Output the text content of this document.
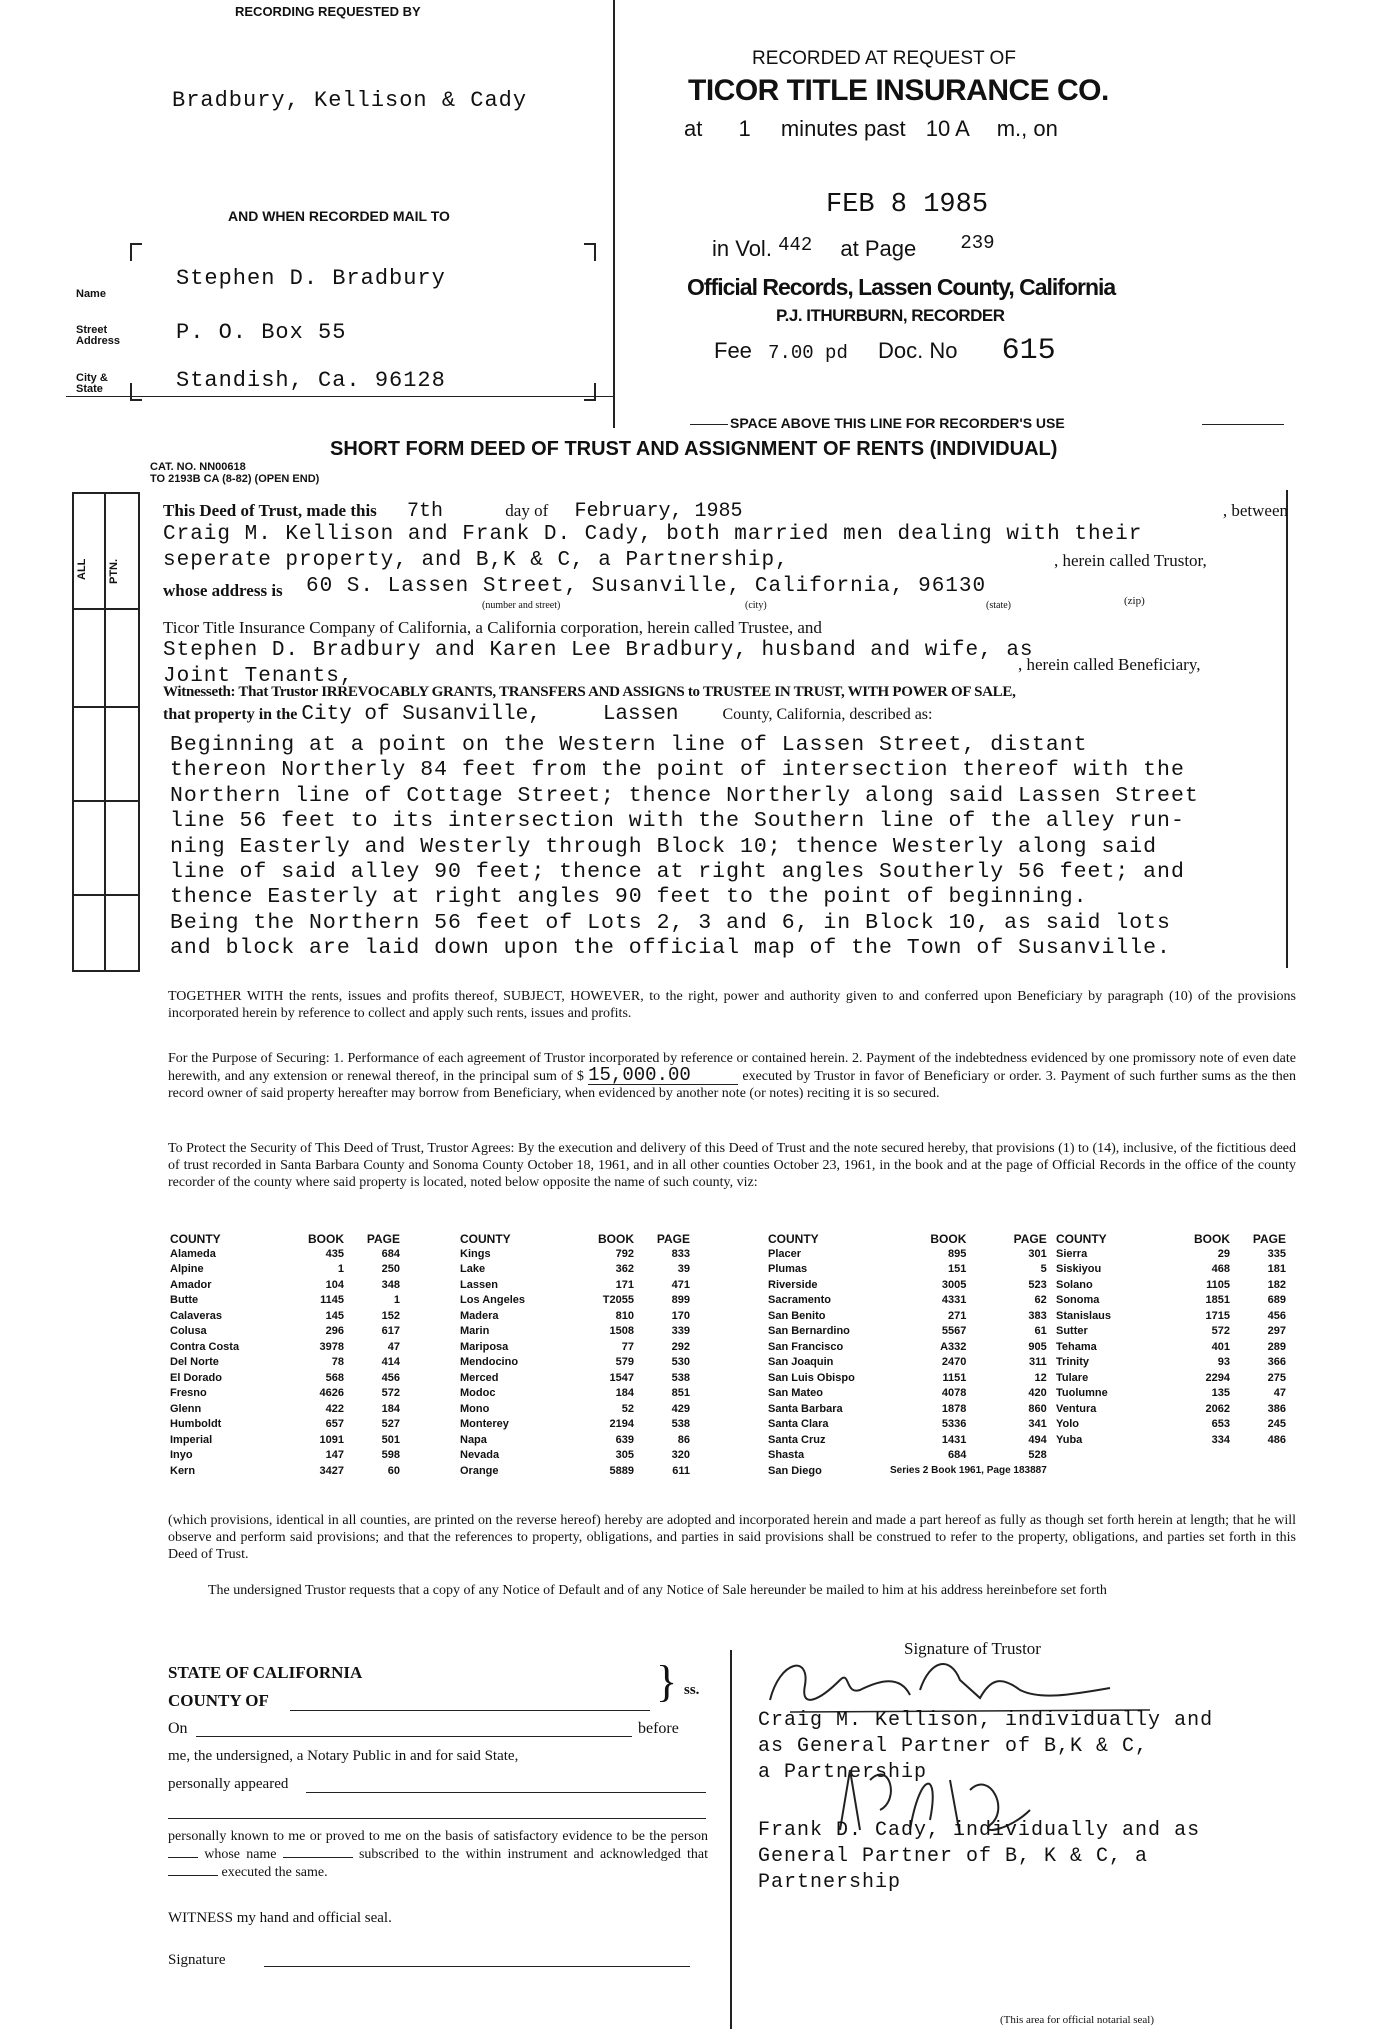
RECORDING REQUESTED BY
Bradbury, Kellison & Cady
AND WHEN RECORDED MAIL TO
Name
Stephen D. Bradbury
Street Address	P. O. Box 55
City & State	Standish, Ca. 96128
RECORDED AT REQUEST OF
TICOR TITLE INSURANCE CO.
at 1 minutes past 10 A m., on
FEB 8 1985
in Vol. 442 at Page 239
Official Records, Lassen County, California
P.J. ITHURBURN, RECORDER
Fee 7.00 pd Doc. No 615
SPACE ABOVE THIS LINE FOR RECORDER'S USE
CAT. NO. NN00618
TO 2193B CA (8-82) (OPEN END)
SHORT FORM DEED OF TRUST AND ASSIGNMENT OF RENTS (INDIVIDUAL)
ALL PTN.
This Deed of Trust, made this 7th	day of February, 1985	, between
Craig M. Kellison and Frank D. Cady, both married men dealing with their
seperate property, and B,K & C, a Partnership,	, herein called Trustor,
whose address is 60 S. Lassen Street, Susanville, California, 96130
(number and street)	(city)	(state)	(zip)
Ticor Title Insurance Company of California, a California corporation, herein called Trustee, and
Stephen D. Bradbury and Karen Lee Bradbury, husband and wife, as
Joint Tenants,
, herein called Beneficiary,
Witnesseth: That Trustor IRREVOCABLY GRANTS, TRANSFERS AND ASSIGNS to TRUSTEE IN TRUST, WITH POWER OF SALE,
that property in the City of Susanville,	Lassen	County, California, described as:
Beginning at a point on the Western line of Lassen Street, distant
thereon Northerly 84 feet from the point of intersection thereof with the
Northern line of Cottage Street; thence Northerly along said Lassen Street
line 56 feet to its intersection with the Southern line of the alley run-
ning Easterly and Westerly through Block 10; thence Westerly along said
line of said alley 90 feet; thence at right angles Southerly 56 feet; and
thence Easterly at right angles 90 feet to the point of beginning.
Being the Northern 56 feet of Lots 2, 3 and 6, in Block 10, as said lots
and block are laid down upon the official map of the Town of Susanville.
TOGETHER WITH the rents, issues and profits thereof, SUBJECT, HOWEVER, to the right, power and authority given to and conferred upon Beneficiary by paragraph (10) of the provisions incorporated herein by reference to collect and apply such rents, issues and profits.
For the Purpose of Securing: 1. Performance of each agreement of Trustor incorporated by reference or contained herein. 2. Payment of the indebtedness evidenced by one promissory note of even date herewith, and any extension or renewal thereof, in the principal sum of $ 15,000.00	executed by Trustor in favor of Beneficiary or order. 3. Payment of such further sums as the then record owner of said property hereafter may borrow from Beneficiary, when evidenced by another note (or notes) reciting it is so secured.
To Protect the Security of This Deed of Trust, Trustor Agrees: By the execution and delivery of this Deed of Trust and the note secured hereby, that provisions (1) to (14), inclusive, of the fictitious deed of trust recorded in Santa Barbara County and Sonoma County October 18, 1961, and in all other counties October 23, 1961, in the book and at the page of Official Records in the office of the county recorder of the county where said property is located, noted below opposite the name of such county, viz:
COUNTY	BOOK	PAGE
Alameda	435	684
Alpine	1	250
Amador	104	348
Butte	1145	1
Calaveras	145	152
Colusa	296	617
Contra Costa	3978	47
Del Norte	78	414
El Dorado	568	456
Fresno	4626	572
Glenn	422	184
Humboldt	657	527
Imperial	1091	501
Inyo	147	598
Kern	3427	60
COUNTY	BOOK	PAGE
Kings	792	833
Lake	362	39
Lassen	171	471
Los Angeles	T2055	899
Madera	810	170
Marin	1508	339
Mariposa	77	292
Mendocino	579	530
Merced	1547	538
Modoc	184	851
Mono	52	429
Monterey	2194	538
Napa	639	86
Nevada	305	320
Orange	5889	611
COUNTY	BOOK	PAGE
Placer	895	301
Plumas	151	5
Riverside	3005	523
Sacramento	4331	62
San Benito	271	383
San Bernardino	5567	61
San Francisco	A332	905
San Joaquin	2470	311
San Luis Obispo	1151	12
San Mateo	4078	420
Santa Barbara	1878	860
Santa Clara	5336	341
Santa Cruz	1431	494
Shasta	684	528
San Diego	Series 2 Book 1961, Page 183887	
COUNTY	BOOK	PAGE
Sierra	29	335
Siskiyou	468	181
Solano	1105	182
Sonoma	1851	689
Stanislaus	1715	456
Sutter	572	297
Tehama	401	289
Trinity	93	366
Tulare	2294	275
Tuolumne	135	47
Ventura	2062	386
Yolo	653	245
Yuba	334	486

(which provisions, identical in all counties, are printed on the reverse hereof) hereby are adopted and incorporated herein and made a part hereof as fully as though set forth herein at length; that he will observe and perform said provisions; and that the references to property, obligations, and parties in said provisions shall be construed to refer to the property, obligations, and parties set forth in this Deed of Trust.
The undersigned Trustor requests that a copy of any Notice of Default and of any Notice of Sale hereunder be mailed to him at his address hereinbefore set forth
STATE OF CALIFORNIA
COUNTY OF	} ss.
On	before
me, the undersigned, a Notary Public in and for said State,
personally appeared
personally known to me or proved to me on the basis of satisfactory evidence to be the person  whose name	subscribed to the within instrument and acknowledged that  executed the same.
WITNESS my hand and official seal.
Signature
Signature of Trustor
Craig M. Kellison, individually and
as General Partner of B,K & C,
a Partnership
Frank D. Cady, individually and as
General Partner of B, K & C, a
Partnership
(This area for official notarial seal)
